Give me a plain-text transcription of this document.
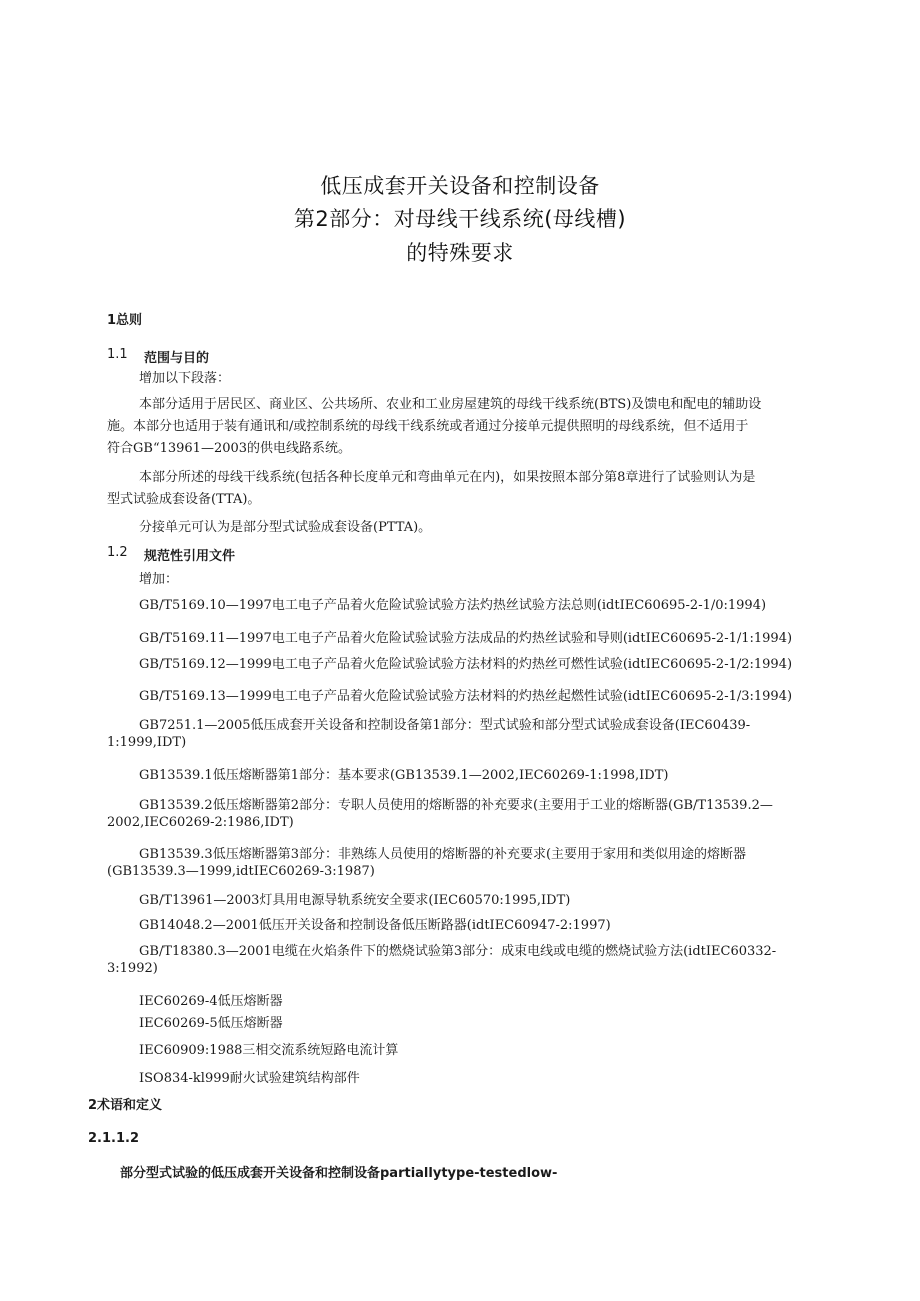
低压成套开关设备和控制设备
第2部分：对母线干线系统(母线槽)
的特殊要求
1总则
1.1 范围与目的
增加以下段落：
本部分适用于居民区、商业区、公共场所、农业和工业房屋建筑的母线干线系统(BTS)及馈电和配电的辅助设
施。本部分也适用于装有通讯和/或控制系统的母线干线系统或者通过分接单元提供照明的母线系统，但不适用于
符合GB“13961—2003的供电线路系统。
本部分所述的母线干线系统(包括各种长度单元和弯曲单元在内)，如果按照本部分第8章进行了试验则认为是
型式试验成套设备(TTA)。
分接单元可认为是部分型式试验成套设备(PTTA)。
1.2 规范性引用文件
增加：
GB/T5169.10—1997电工电子产品着火危险试验试验方法灼热丝试验方法总则(idtIEC60695-2-1/0:1994)
GB/T5169.11—1997电工电子产品着火危险试验试验方法成品的灼热丝试验和导则(idtIEC60695-2-1/1:1994)
GB/T5169.12—1999电工电子产品着火危险试验试验方法材料的灼热丝可燃性试验(idtIEC60695-2-1/2:1994)
GB/T5169.13—1999电工电子产品着火危险试验试验方法材料的灼热丝起燃性试验(idtIEC60695-2-1/3:1994)
GB7251.1—2005低压成套开关设备和控制设备第1部分：型式试验和部分型式试验成套设备(IEC60439-
1:1999,IDT)
GB13539.1低压熔断器第1部分：基本要求(GB13539.1—2002,IEC60269-1:1998,IDT)
GB13539.2低压熔断器第2部分：专职人员使用的熔断器的补充要求(主要用于工业的熔断器(GB/T13539.2—
2002,IEC60269-2:1986,IDT)
GB13539.3低压熔断器第3部分：非熟练人员使用的熔断器的补充要求(主要用于家用和类似用途的熔断器
(GB13539.3—1999,idtIEC60269-3:1987)
GB/T13961—2003灯具用电源导轨系统安全要求(IEC60570:1995,IDT)
GB14048.2—2001低压开关设备和控制设备低压断路器(idtIEC60947-2:1997)
GB/T18380.3—2001电缆在火焰条件下的燃烧试验第3部分：成束电线或电缆的燃烧试验方法(idtIEC60332-
3:1992)
IEC60269-4低压熔断器
IEC60269-5低压熔断器
IEC60909:1988三相交流系统短路电流计算
ISO834-kl999耐火试验建筑结构部件
2术语和定义
2.1.1.2
部分型式试验的低压成套开关设备和控制设备partiallytype-testedlow-
